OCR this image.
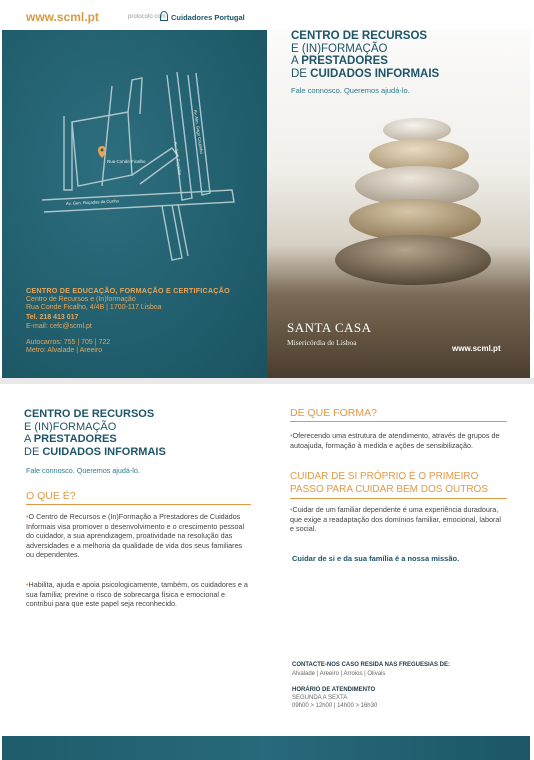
www.scml.pt	protocolo com Cuidadores Portugal
Rua Conde Ficalho
Av. Gen. Roçadas da Cunha
Av. Alm. Gago Coutinho
Av. Gen. Roçadas
CENTRO DE EDUCAÇÃO, FORMAÇÃO E CERTIFICAÇÃO
Centro de Recursos e (In)formação
Rua Conde Ficalho, 4/4B | 1700-117 Lisboa
Tel. 218 413 017
E-mail: cefc@scml.pt
Autocarros: 755 | 705 | 722
Metro: Alvalade | Areeiro
CENTRO DE RECURSOS
E (IN)FORMAÇÃO
A PRESTADORES
DE CUIDADOS INFORMAIS
Fale connosco. Queremos ajudá-lo.
SANTA CASA
Misericórdia de Lisboa
www.scml.pt
CENTRO DE RECURSOS
E (IN)FORMAÇÃO
A PRESTADORES
DE CUIDADOS INFORMAIS
Fale connosco. Queremos ajudá-lo.
O QUE É?
•O Centro de Recursos e (In)Formação a Prestadores de Cuidados Informais visa promover o desenvolvimento e o crescimento pessoal do cuidador, a sua aprendizagem, proatividade na resolução das adversidades e a melhoria da qualidade de vida dos seus familiares ou dependentes.
•Habilita, ajuda e apoia psicologicamente, também, os cuidadores e a sua família; previne o risco de sobrecarga física e emocional e contribui para que este papel seja reconhecido.
DE QUE FORMA?
•Oferecendo uma estrutura de atendimento, através de grupos de autoajuda, formação à medida e ações de sensibilização.
CUIDAR DE SI PRÓPRIO É O PRIMEIRO
PASSO PARA CUIDAR BEM DOS OUTROS
•Cuidar de um familiar dependente é uma experiência duradoura, que exige a readaptação dos domínios familiar, emocional, laboral e social.
Cuidar de si e da sua família é a nossa missão.
CONTACTE-NOS CASO RESIDA NAS FREGUESIAS DE:
Alvalade | Areeiro | Arroios | Olivais
HORÁRIO DE ATENDIMENTO
SEGUNDA A SEXTA
09h00 > 12h00 | 14h00 > 16h30
